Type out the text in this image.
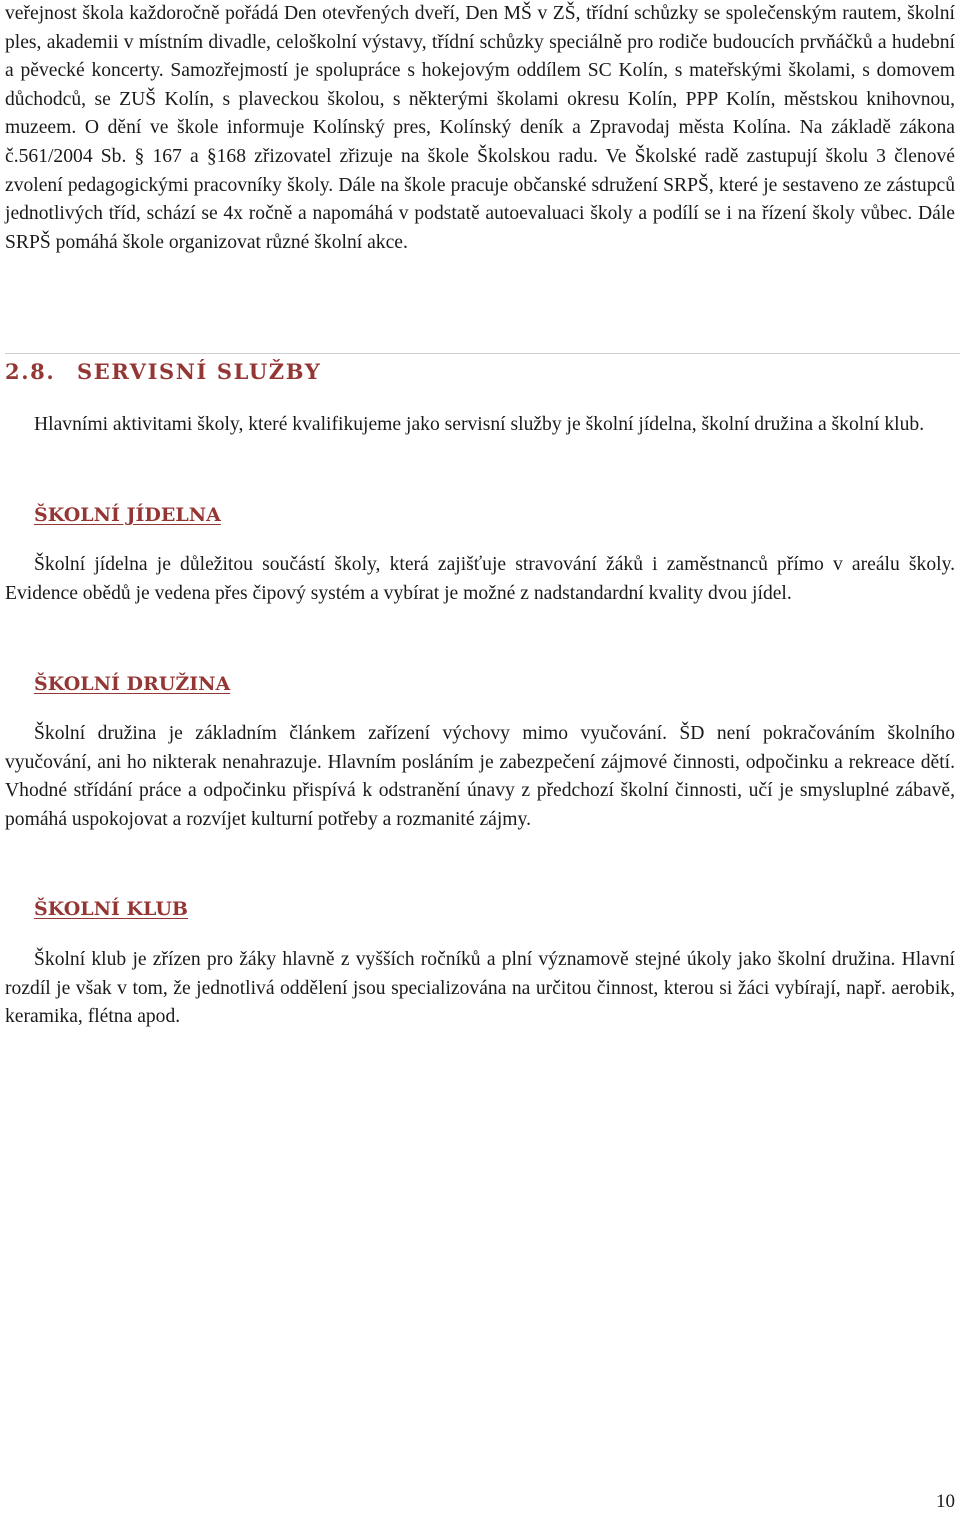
veřejnost škola každoročně pořádá Den otevřených dveří, Den MŠ v ZŠ, třídní schůzky se společenským rautem, školní ples, akademii v místním divadle, celoškolní výstavy, třídní schůzky speciálně pro rodiče budoucích prvňáčků a hudební a pěvecké koncerty. Samozřejmostí je spolupráce s hokejovým oddílem SC Kolín, s mateřskými školami, s domovem důchodců, se ZUŠ Kolín, s plaveckou školou, s některými školami okresu Kolín, PPP Kolín, městskou knihovnou, muzeem. O dění ve škole informuje Kolínský pres, Kolínský deník a Zpravodaj města Kolína. Na základě zákona č.561/2004 Sb. § 167 a §168 zřizovatel zřizuje na škole Školskou radu. Ve Školské radě zastupují školu 3 členové zvolení pedagogickými pracovníky školy. Dále na škole pracuje občanské sdružení SRPŠ, které je sestaveno ze zástupců jednotlivých tříd, schází se 4x ročně a napomáhá v podstatě autoevaluaci školy a podílí se i na řízení školy vůbec. Dále SRPŠ pomáhá škole organizovat různé školní akce.

2.8. SERVISNÍ SLUŽBY

Hlavními aktivitami školy, které kvalifikujeme jako servisní služby je školní jídelna, školní družina a školní klub.

ŠKOLNÍ JÍDELNA

Školní jídelna je důležitou součástí školy, která zajišťuje stravování žáků i zaměstnanců přímo v areálu školy. Evidence obědů je vedena přes čipový systém a vybírat je možné z nadstandardní kvality dvou jídel.

ŠKOLNÍ DRUŽINA

Školní družina je základním článkem zařízení výchovy mimo vyučování. ŠD není pokračováním školního vyučování, ani ho nikterak nenahrazuje. Hlavním posláním je zabezpečení zájmové činnosti, odpočinku a rekreace dětí. Vhodné střídání práce a odpočinku přispívá k odstranění únavy z předchozí školní činnosti, učí je smysluplné zábavě, pomáhá uspokojovat a rozvíjet kulturní potřeby a rozmanité zájmy.

ŠKOLNÍ KLUB

Školní klub je zřízen pro žáky hlavně z vyšších ročníků a plní významově stejné úkoly jako školní družina. Hlavní rozdíl je však v tom, že jednotlivá oddělení jsou specializována na určitou činnost, kterou si žáci vybírají, např. aerobik, keramika, flétna apod.

10
